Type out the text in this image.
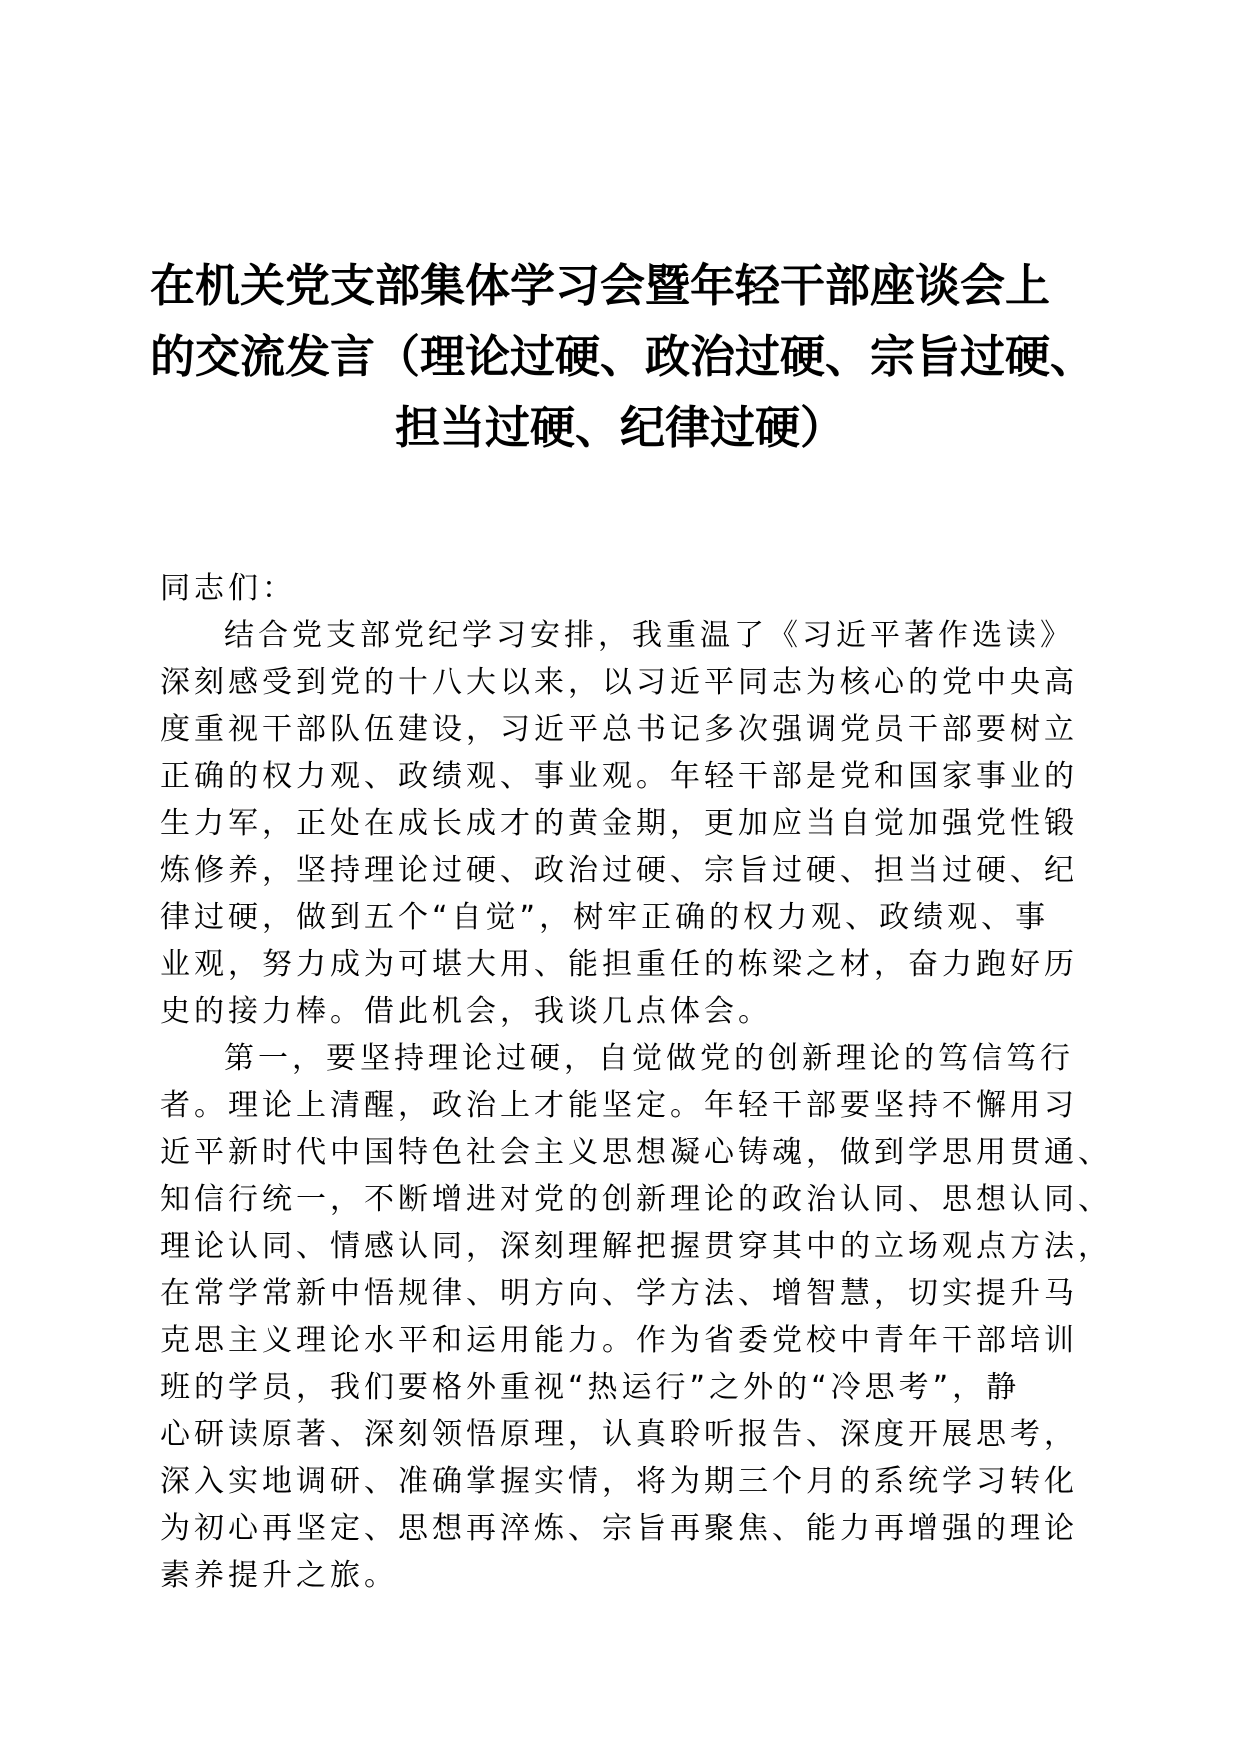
在机关党支部集体学习会暨年轻干部座谈会上
的交流发言（理论过硬、政治过硬、宗旨过硬、
担当过硬、纪律过硬）
同志们：
结合党支部党纪学习安排，我重温了《习近平著作选读》
深刻感受到党的十八大以来，以习近平同志为核心的党中央高
度重视干部队伍建设，习近平总书记多次强调党员干部要树立
正确的权力观、政绩观、事业观。年轻干部是党和国家事业的
生力军，正处在成长成才的黄金期，更加应当自觉加强党性锻
炼修养，坚持理论过硬、政治过硬、宗旨过硬、担当过硬、纪
律过硬，做到五个“自觉”，树牢正确的权力观、政绩观、事
业观，努力成为可堪大用、能担重任的栋梁之材，奋力跑好历
史的接力棒。借此机会，我谈几点体会。
第一，要坚持理论过硬，自觉做党的创新理论的笃信笃行
者。理论上清醒，政治上才能坚定。年轻干部要坚持不懈用习
近平新时代中国特色社会主义思想凝心铸魂，做到学思用贯通、
知信行统一，不断增进对党的创新理论的政治认同、思想认同、
理论认同、情感认同，深刻理解把握贯穿其中的立场观点方法，
在常学常新中悟规律、明方向、学方法、增智慧，切实提升马
克思主义理论水平和运用能力。作为省委党校中青年干部培训
班的学员，我们要格外重视“热运行”之外的“冷思考”，静
心研读原著、深刻领悟原理，认真聆听报告、深度开展思考，
深入实地调研、准确掌握实情，将为期三个月的系统学习转化
为初心再坚定、思想再淬炼、宗旨再聚焦、能力再增强的理论
素养提升之旅。
